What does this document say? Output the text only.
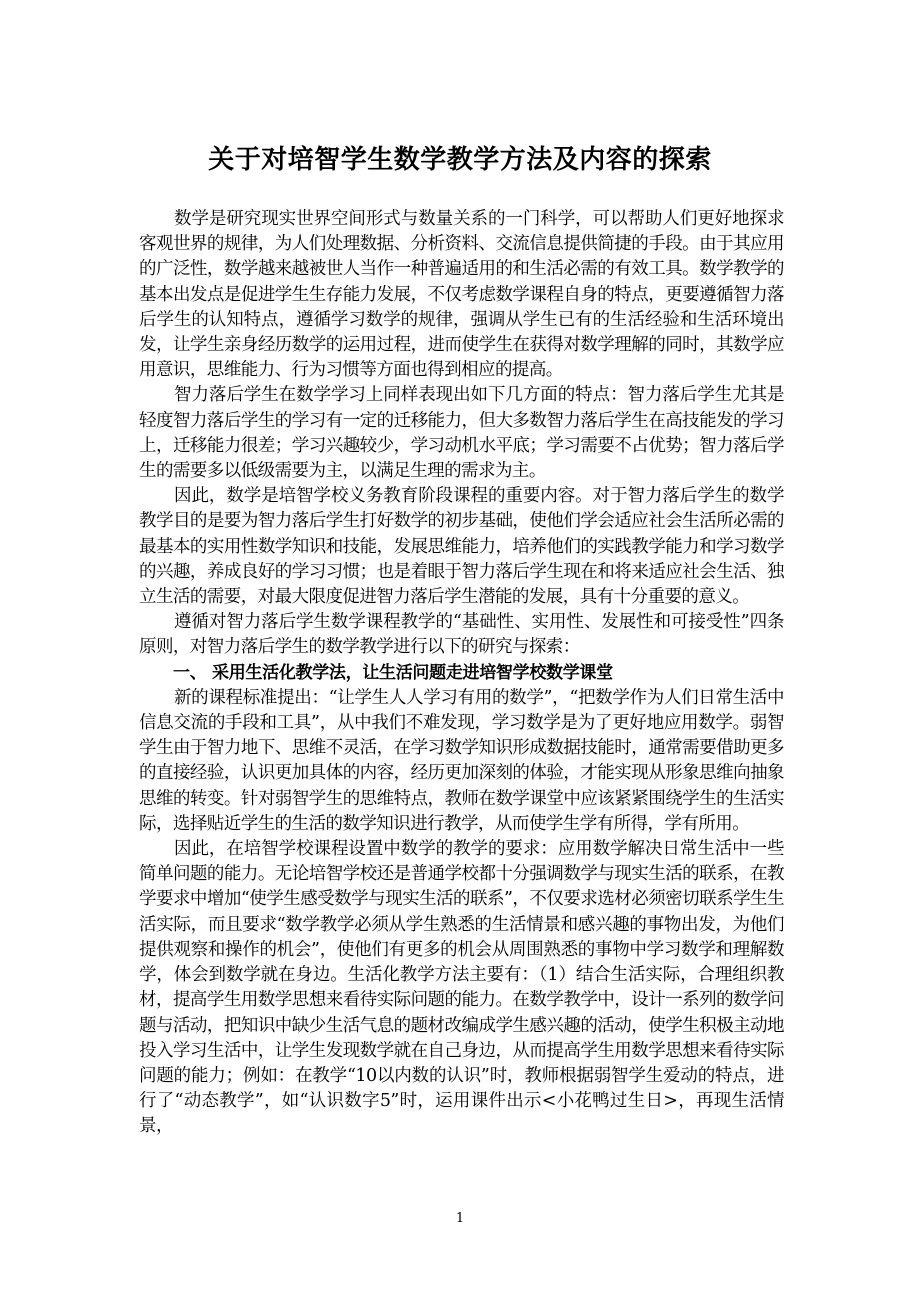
关于对培智学生数学教学方法及内容的探索

数学是研究现实世界空间形式与数量关系的一门科学，可以帮助人们更好地探求客观世界的规律，为人们处理数据、分析资料、交流信息提供简捷的手段。由于其应用的广泛性，数学越来越被世人当作一种普遍适用的和生活必需的有效工具。数学教学的基本出发点是促进学生生存能力发展，不仅考虑数学课程自身的特点，更要遵循智力落后学生的认知特点，遵循学习数学的规律，强调从学生已有的生活经验和生活环境出发，让学生亲身经历数学的运用过程，进而使学生在获得对数学理解的同时，其数学应用意识，思维能力、行为习惯等方面也得到相应的提高。

智力落后学生在数学学习上同样表现出如下几方面的特点：智力落后学生尤其是轻度智力落后学生的学习有一定的迁移能力，但大多数智力落后学生在高技能发的学习上，迁移能力很差；学习兴趣较少，学习动机水平底；学习需要不占优势；智力落后学生的需要多以低级需要为主，以满足生理的需求为主。

因此，数学是培智学校义务教育阶段课程的重要内容。对于智力落后学生的数学教学目的是要为智力落后学生打好数学的初步基础，使他们学会适应社会生活所必需的最基本的实用性数学知识和技能，发展思维能力，培养他们的实践教学能力和学习数学的兴趣，养成良好的学习习惯；也是着眼于智力落后学生现在和将来适应社会生活、独立生活的需要，对最大限度促进智力落后学生潜能的发展，具有十分重要的意义。

遵循对智力落后学生数学课程教学的“基础性、实用性、发展性和可接受性”四条原则，对智力落后学生的数学教学进行以下的研究与探索：

一、 采用生活化教学法，让生活问题走进培智学校数学课堂

新的课程标准提出：“让学生人人学习有用的数学”，“把数学作为人们日常生活中信息交流的手段和工具”，从中我们不难发现，学习数学是为了更好地应用数学。弱智学生由于智力地下、思维不灵活，在学习数学知识形成数据技能时，通常需要借助更多的直接经验，认识更加具体的内容，经历更加深刻的体验，才能实现从形象思维向抽象思维的转变。针对弱智学生的思维特点，教师在数学课堂中应该紧紧围绕学生的生活实际，选择贴近学生的生活的数学知识进行教学，从而使学生学有所得，学有所用。

因此，在培智学校课程设置中数学的教学的要求：应用数学解决日常生活中一些简单问题的能力。无论培智学校还是普通学校都十分强调数学与现实生活的联系，在教学要求中增加“使学生感受数学与现实生活的联系”，不仅要求选材必须密切联系学生生活实际，而且要求“数学教学必须从学生熟悉的生活情景和感兴趣的事物出发，为他们提供观察和操作的机会”，使他们有更多的机会从周围熟悉的事物中学习数学和理解数学，体会到数学就在身边。生活化教学方法主要有：（1）结合生活实际，合理组织教材，提高学生用数学思想来看待实际问题的能力。在数学教学中，设计一系列的数学问题与活动，把知识中缺少生活气息的题材改编成学生感兴趣的活动，使学生积极主动地投入学习生活中，让学生发现数学就在自己身边，从而提高学生用数学思想来看待实际问题的能力；例如：在教学“10以内数的认识”时，教师根据弱智学生爱动的特点，进行了“动态教学”，如“认识数字5”时，运用课件出示<小花鸭过生日>，再现生活情景，

1
